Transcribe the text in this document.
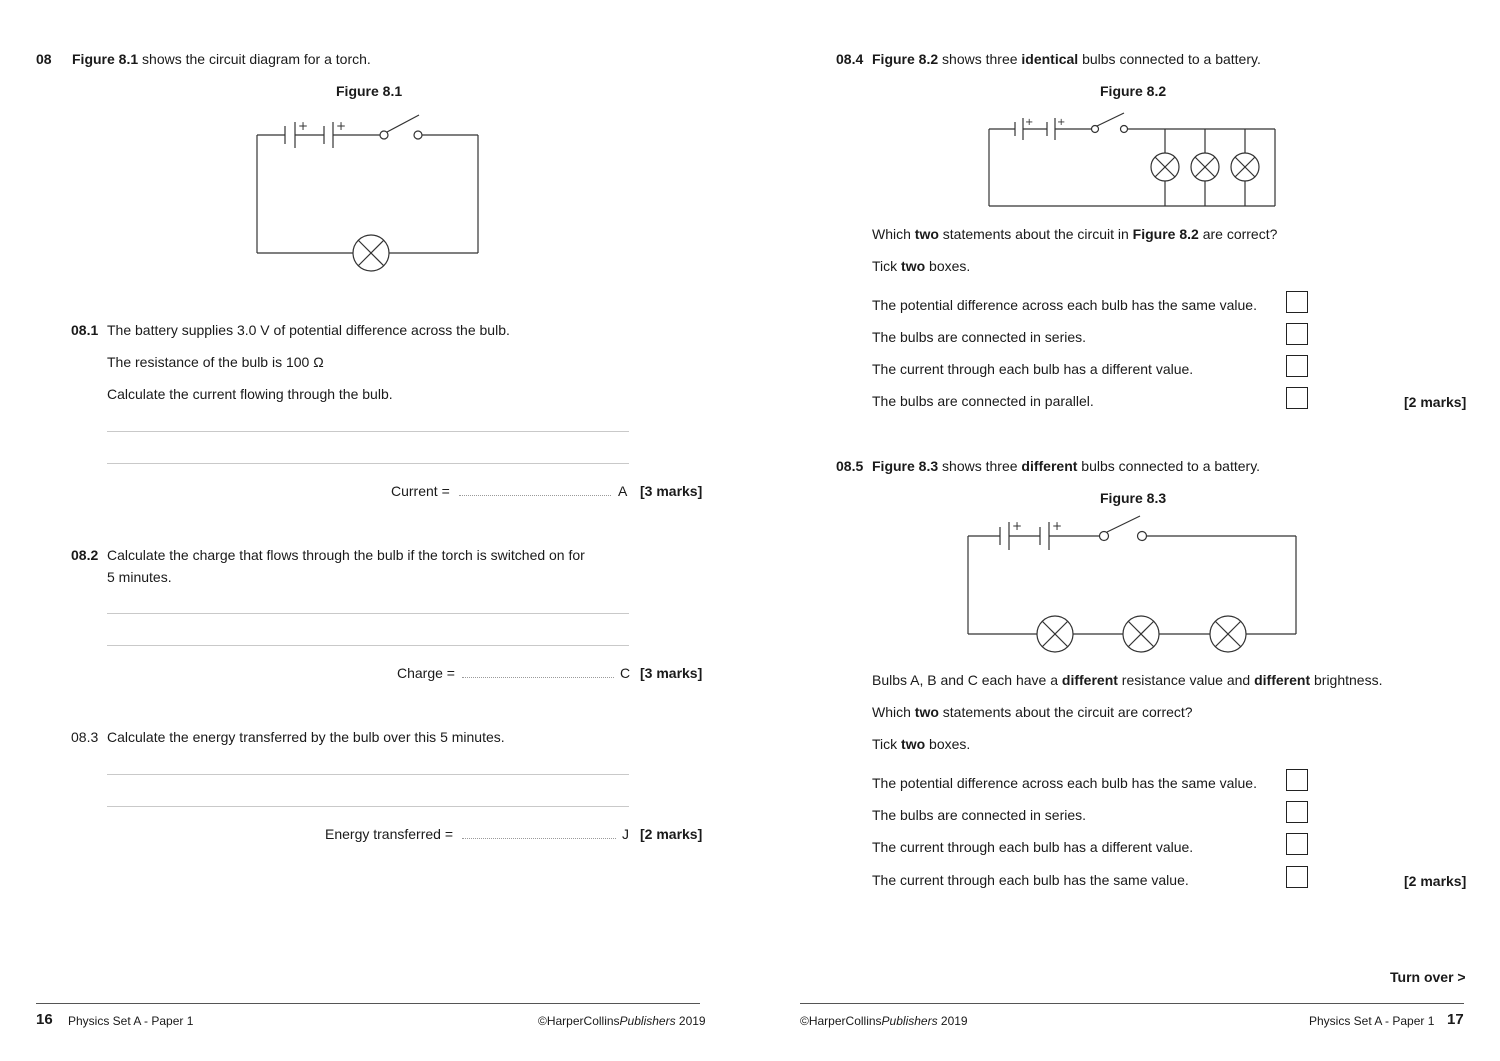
08 Figure 8.1 shows the circuit diagram for a torch.
Figure 8.1
+ +
08.1 The battery supplies 3.0 V of potential difference across the bulb.
The resistance of the bulb is 100 Ω
Calculate the current flowing through the bulb.
Current =	A [3 marks]
08.2 Calculate the charge that flows through the bulb if the torch is switched on for
5 minutes.
Charge =	C [3 marks]
08.3 Calculate the energy transferred by the bulb over this 5 minutes.
Energy transferred =	J [2 marks]
16 Physics Set A - Paper 1	©HarperCollinsPublishers 2019
08.4 Figure 8.2 shows three identical bulbs connected to a battery.
Figure 8.2
+ +
Which two statements about the circuit in Figure 8.2 are correct?
Tick two boxes.
The potential difference across each bulb has the same value.
The bulbs are connected in series.
The current through each bulb has a different value.
The bulbs are connected in parallel.	[2 marks]
08.5 Figure 8.3 shows three different bulbs connected to a battery.
Figure 8.3
+ +
Bulbs A, B and C each have a different resistance value and different brightness.
Which two statements about the circuit are correct?
Tick two boxes.
The potential difference across each bulb has the same value.
The bulbs are connected in series.
The current through each bulb has a different value.
The current through each bulb has the same value.	[2 marks]
Turn over >
©HarperCollinsPublishers 2019	Physics Set A - Paper 1 17
